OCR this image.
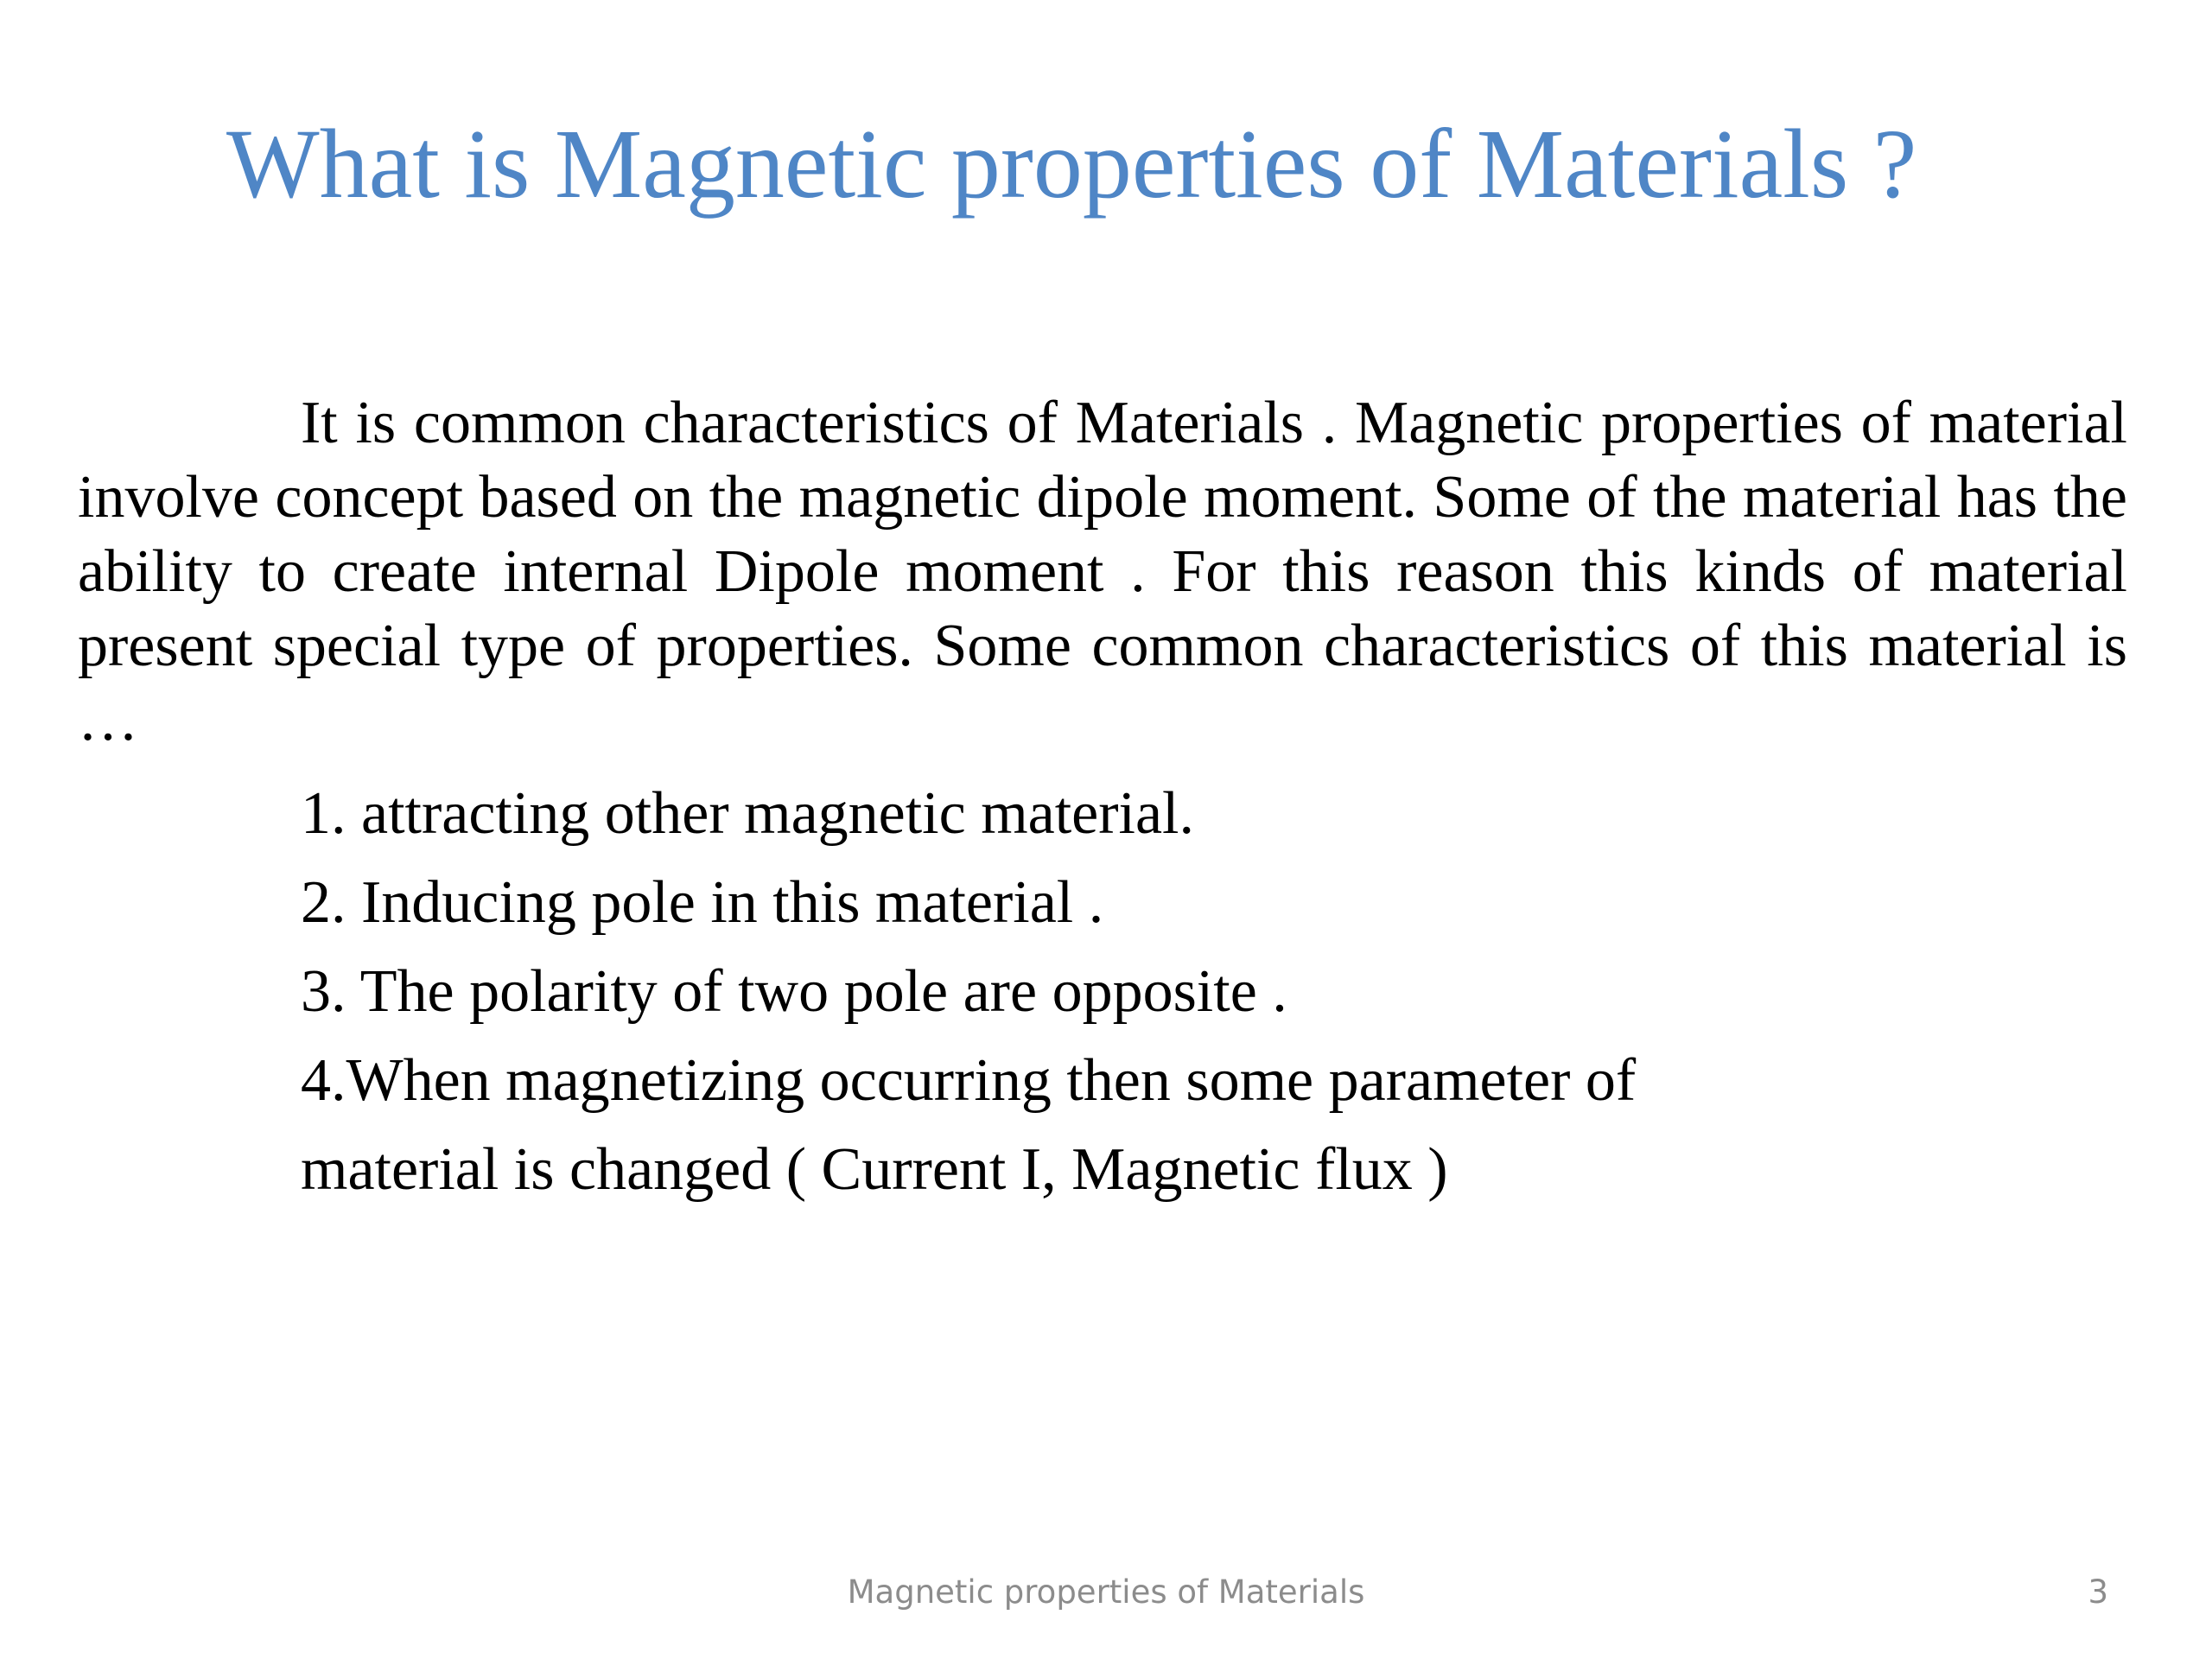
What is Magnetic properties of Materials ?

It is common characteristics of Materials . Magnetic properties of material involve concept based on the magnetic dipole moment. Some of the material has the ability to create internal Dipole moment . For this reason this kinds of material present special type of properties. Some common characteristics of this material is …

1. attracting other magnetic material.
2. Inducing pole in this material .
3. The polarity of two pole are opposite .
4.When magnetizing occurring then some parameter of
material is changed ( Current I, Magnetic flux )
Magnetic properties of Materials	3
